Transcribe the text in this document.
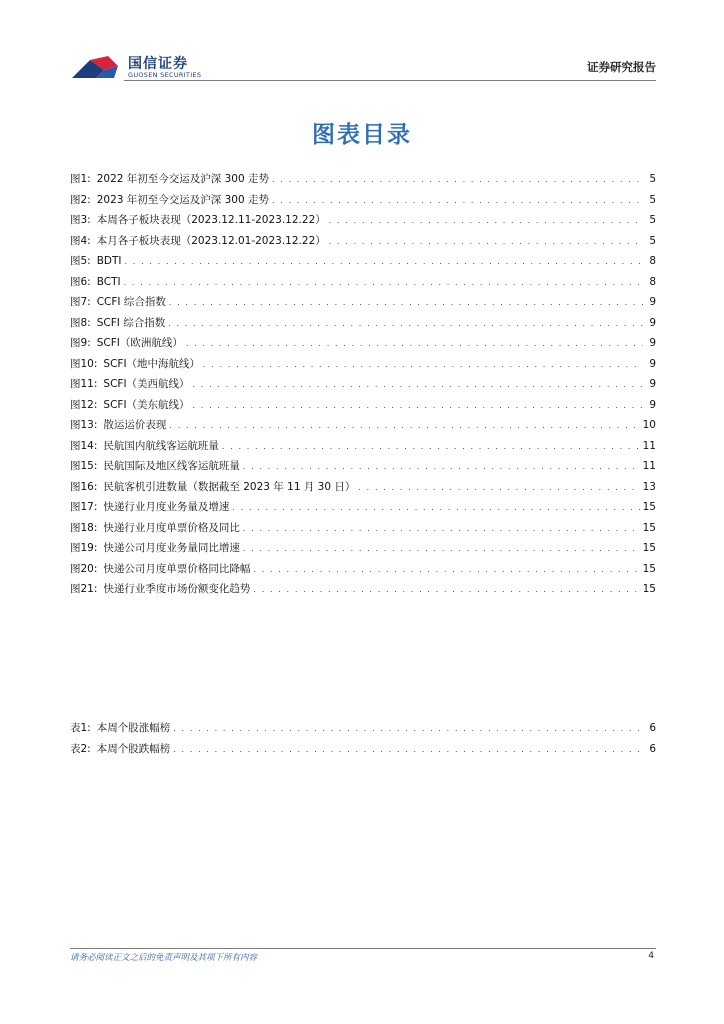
国信证券
GUOSEN SECURITIES
证券研究报告
图表目录
图1: 2022 年初至今交运及沪深 300 走势 . . .	5
图2: 2023 年初至今交运及沪深 300 走势 . . .	5
图3: 本周各子板块表现（2023.12.11-2023.12.22） . . .	5
图4: 本月各子板块表现（2023.12.01-2023.12.22） . . .	5
图5: BDTI . . .	8
图6: BCTI . . .	8
图7: CCFI 综合指数 . . .	9
图8: SCFI 综合指数 . . .	9
图9: SCFI（欧洲航线） . . .	9
图10: SCFI（地中海航线） . . .	9
图11: SCFI（美西航线） . . .	9
图12: SCFI（美东航线） . . .	9
图13: 散运运价表现 . . .	10
图14: 民航国内航线客运航班量 . . .	11
图15: 民航国际及地区线客运航班量 . . .	11
图16: 民航客机引进数量（数据截至 2023 年 11 月 30 日） . . .	13
图17: 快递行业月度业务量及增速 . . .	15
图18: 快递行业月度单票价格及同比 . . .	15
图19: 快递公司月度业务量同比增速 . . .	15
图20: 快递公司月度单票价格同比降幅 . . .	15
图21: 快递行业季度市场份额变化趋势 . . .	15
表1: 本周个股涨幅榜 . . .	6
表2: 本周个股跌幅榜 . . .	6
请务必阅读正文之后的免责声明及其项下所有内容	4
